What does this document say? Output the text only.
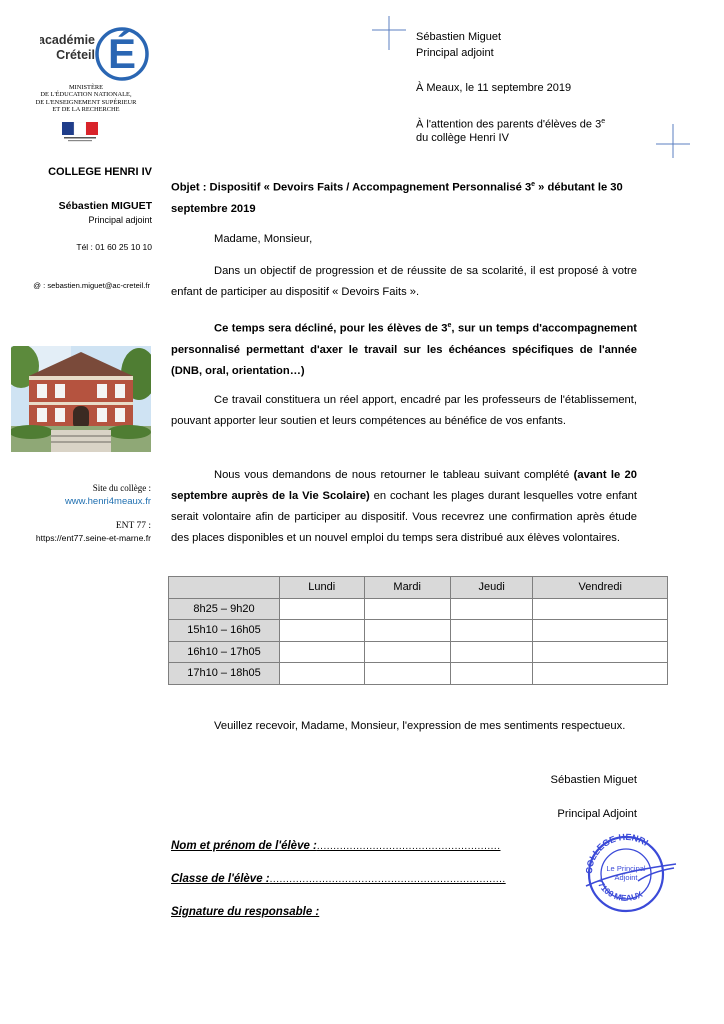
É
académie
Créteil
MINISTÈRE
DE L'ÉDUCATION NATIONALE,
DE L'ENSEIGNEMENT SUPÉRIEUR
ET DE LA RECHERCHE
COLLEGE HENRI IV
Sébastien MIGUET
Principal adjoint
Tél : 01 60 25 10 10
@ : sebastien.miguet@ac-creteil.fr
Site du collège :
www.henri4meaux.fr
ENT 77 :
https://ent77.seine-et-marne.fr
Sébastien Miguet
Principal adjoint
À Meaux, le 11 septembre 2019
À l'attention des parents d'élèves de 3e
du collège Henri IV
Objet : Dispositif « Devoirs Faits / Accompagnement Personnalisé 3e » débutant le 30 septembre 2019
Madame, Monsieur,
Dans un objectif de progression et de réussite de sa scolarité, il est proposé à votre enfant de participer au dispositif « Devoirs Faits ».
Ce temps sera décliné, pour les élèves de 3e, sur un temps d'accompagnement personnalisé permettant d'axer le travail sur les échéances spécifiques de l'année (DNB, oral, orientation…)
Ce travail constituera un réel apport, encadré par les professeurs de l'établissement, pouvant apporter leur soutien et leurs compétences au bénéfice de vos enfants.
Nous vous demandons de nous retourner le tableau suivant complété (avant le 20 septembre auprès de la Vie Scolaire) en cochant les plages durant lesquelles votre enfant serait volontaire afin de participer au dispositif. Vous recevrez une confirmation après étude des places disponibles et un nouvel emploi du temps sera distribué aux élèves volontaires.
	Lundi	Mardi	Jeudi	Vendredi
8h25 – 9h20				
15h10 – 16h05				
16h10 – 17h05				
17h10 – 18h05				
Veuillez recevoir, Madame, Monsieur, l'expression de mes sentiments respectueux.
Sébastien Miguet
Principal Adjoint
COLLEGE HENRI
77100 MEAUX
Le Principal
Adjoint
Nom et prénom de l'élève :........................................................
Classe de l'élève :........................................................................
Signature du responsable :
